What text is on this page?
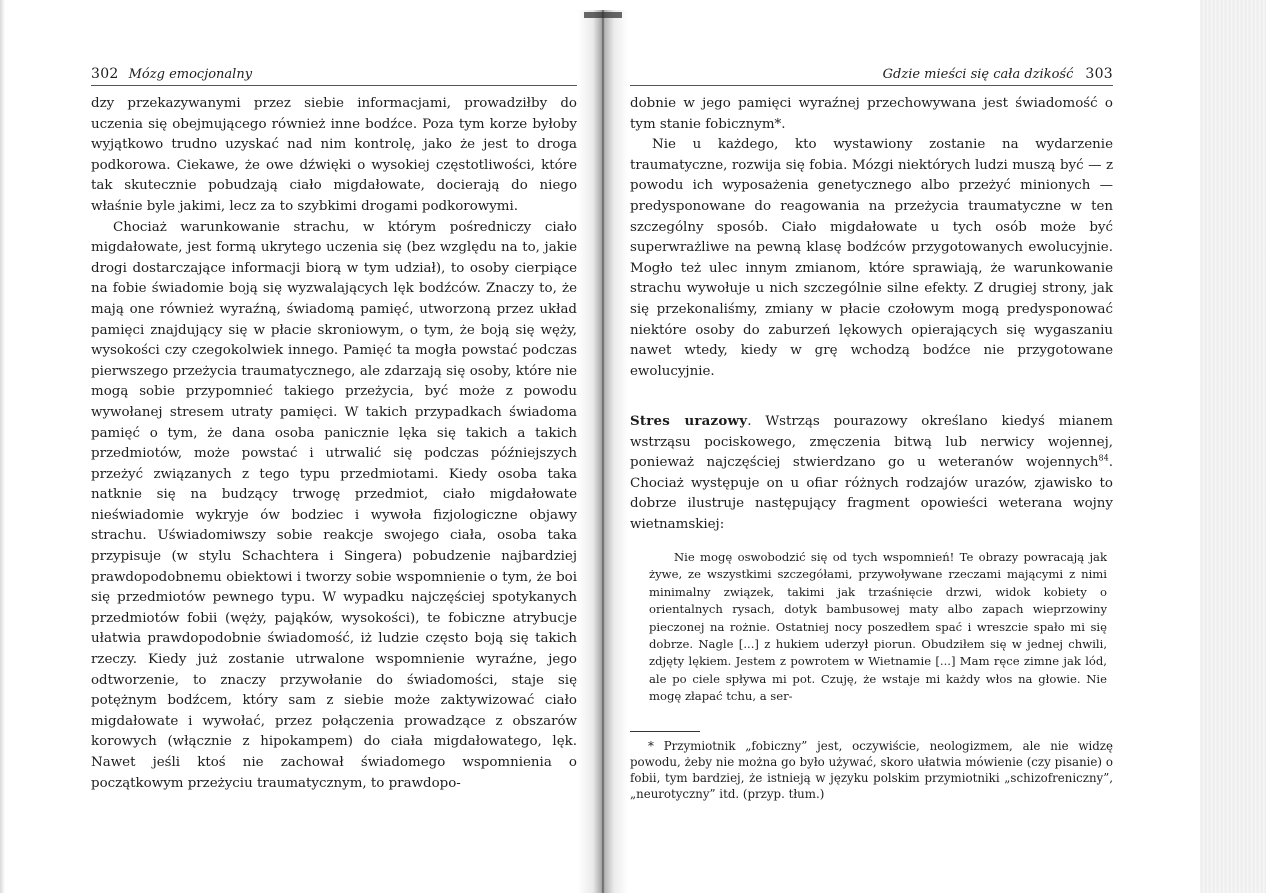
302 Mózg emocjonalny

dzy przekazywanymi przez siebie informacjami, prowadziłby do uczenia się obejmującego również inne bodźce. Poza tym korze byłoby wyjątkowo trudno uzyskać nad nim kontrolę, jako że jest to droga podkorowa. Ciekawe, że owe dźwięki o wysokiej częstotliwości, które tak skutecznie pobudzają ciało migdałowate, docierają do niego właśnie byle jakimi, lecz za to szybkimi drogami podkorowymi.

Chociaż warunkowanie strachu, w którym pośredniczy ciało migdałowate, jest formą ukrytego uczenia się (bez względu na to, jakie drogi dostarczające informacji biorą w tym udział), to osoby cierpiące na fobie świadomie boją się wyzwalających lęk bodźców. Znaczy to, że mają one również wyraźną, świadomą pamięć, utworzoną przez układ pamięci znajdujący się w płacie skroniowym, o tym, że boją się węży, wysokości czy czegokolwiek innego. Pamięć ta mogła powstać podczas pierwszego przeżycia traumatycznego, ale zdarzają się osoby, które nie mogą sobie przypomnieć takiego przeżycia, być może z powodu wywołanej stresem utraty pamięci. W takich przypadkach świadoma pamięć o tym, że dana osoba panicznie lęka się takich a takich przedmiotów, może powstać i utrwalić się podczas późniejszych przeżyć związanych z tego typu przedmiotami. Kiedy osoba taka natknie się na budzący trwogę przedmiot, ciało migdałowate nieświadomie wykryje ów bodziec i wywoła fizjologiczne objawy strachu. Uświadomiwszy sobie reakcje swojego ciała, osoba taka przypisuje (w stylu Schachtera i Singera) pobudzenie najbardziej prawdopodobnemu obiektowi i tworzy sobie wspomnienie o tym, że boi się przedmiotów pewnego typu. W wypadku najczęściej spotykanych przedmiotów fobii (węży, pająków, wysokości), te fobiczne atrybucje ułatwia prawdopodobnie świadomość, iż ludzie często boją się takich rzeczy. Kiedy już zostanie utrwalone wspomnienie wyraźne, jego odtworzenie, to znaczy przywołanie do świadomości, staje się potężnym bodźcem, który sam z siebie może zaktywizować ciało migdałowate i wywołać, przez połączenia prowadzące z obszarów korowych (włącznie z hipokampem) do ciała migdałowatego, lęk. Nawet jeśli ktoś nie zachował świadomego wspomnienia o początkowym przeżyciu traumatycznym, to prawdopo-

Gdzie mieści się cała dzikość 303

dobnie w jego pamięci wyraźnej przechowywana jest świadomość o tym stanie fobicznym*.

Nie u każdego, kto wystawiony zostanie na wydarzenie traumatyczne, rozwija się fobia. Mózgi niektórych ludzi muszą być — z powodu ich wyposażenia genetycznego albo przeżyć minionych — predysponowane do reagowania na przeżycia traumatyczne w ten szczególny sposób. Ciało migdałowate u tych osób może być superwrażliwe na pewną klasę bodźców przygotowanych ewolucyjnie. Mogło też ulec innym zmianom, które sprawiają, że warunkowanie strachu wywołuje u nich szczególnie silne efekty. Z drugiej strony, jak się przekonaliśmy, zmiany w płacie czołowym mogą predysponować niektóre osoby do zaburzeń lękowych opierających się wygaszaniu nawet wtedy, kiedy w grę wchodzą bodźce nie przygotowane ewolucyjnie.

Stres urazowy. Wstrząs pourazowy określano kiedyś mianem wstrząsu pociskowego, zmęczenia bitwą lub nerwicy wojennej, ponieważ najczęściej stwierdzano go u weteranów wojennych$^{84}$. Chociaż występuje on u ofiar różnych rodzajów urazów, zjawisko to dobrze ilustruje następujący fragment opowieści weterana wojny wietnamskiej:

Nie mogę oswobodzić się od tych wspomnień! Te obrazy powracają jak żywe, ze wszystkimi szczegółami, przywoływane rzeczami mającymi z nimi minimalny związek, takimi jak trzaśnięcie drzwi, widok kobiety o orientalnych rysach, dotyk bambusowej maty albo zapach wieprzowiny pieczonej na rożnie. Ostatniej nocy poszedłem spać i wreszcie spało mi się dobrze. Nagle [...] z hukiem uderzył piorun. Obudziłem się w jednej chwili, zdjęty lękiem. Jestem z powrotem w Wietnamie [...] Mam ręce zimne jak lód, ale po ciele spływa mi pot. Czuję, że wstaje mi każdy włos na głowie. Nie mogę złapać tchu, a ser-

* Przymiotnik „fobiczny” jest, oczywiście, neologizmem, ale nie widzę powodu, żeby nie można go było używać, skoro ułatwia mówienie (czy pisanie) o fobii, tym bardziej, że istnieją w języku polskim przymiotniki „schizofreniczny”, „neurotyczny” itd. (przyp. tłum.)
